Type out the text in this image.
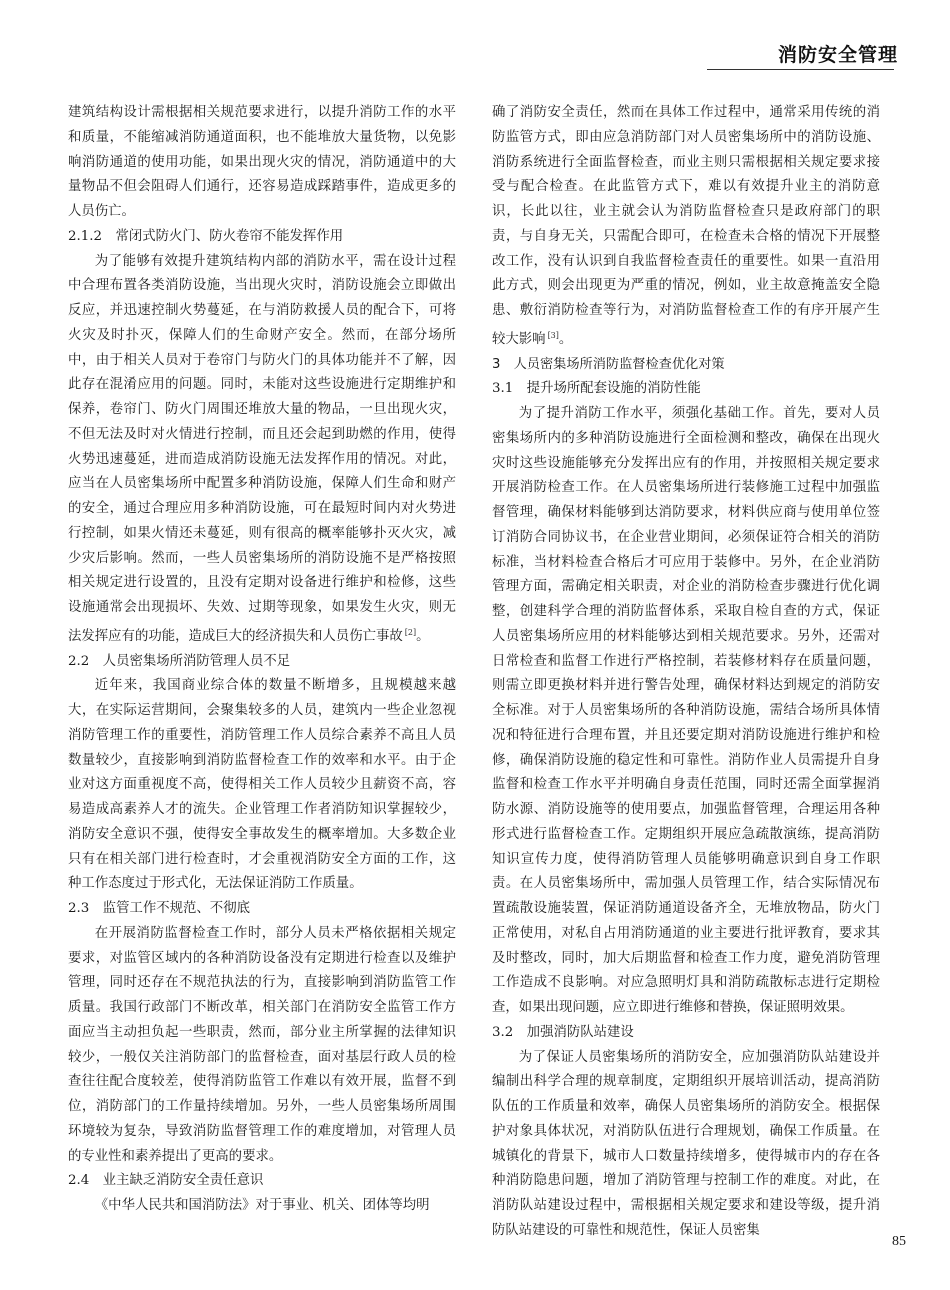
消防安全管理

建筑结构设计需根据相关规范要求进行，以提升消防工作的水平和质量，不能缩减消防通道面积，也不能堆放大量货物，以免影响消防通道的使用功能，如果出现火灾的情况，消防通道中的大量物品不但会阻碍人们通行，还容易造成踩踏事件，造成更多的人员伤亡。

2.1.2　常闭式防火门、防火卷帘不能发挥作用

为了能够有效提升建筑结构内部的消防水平，需在设计过程中合理布置各类消防设施，当出现火灾时，消防设施会立即做出反应，并迅速控制火势蔓延，在与消防救援人员的配合下，可将火灾及时扑灭，保障人们的生命财产安全。然而，在部分场所中，由于相关人员对于卷帘门与防火门的具体功能并不了解，因此存在混淆应用的问题。同时，未能对这些设施进行定期维护和保养，卷帘门、防火门周围还堆放大量的物品，一旦出现火灾，不但无法及时对火情进行控制，而且还会起到助燃的作用，使得火势迅速蔓延，进而造成消防设施无法发挥作用的情况。对此，应当在人员密集场所中配置多种消防设施，保障人们生命和财产的安全，通过合理应用多种消防设施，可在最短时间内对火势进行控制，如果火情还未蔓延，则有很高的概率能够扑灭火灾，减少灾后影响。然而，一些人员密集场所的消防设施不是严格按照相关规定进行设置的，且没有定期对设备进行维护和检修，这些设施通常会出现损坏、失效、过期等现象，如果发生火灾，则无法发挥应有的功能，造成巨大的经济损失和人员伤亡事故 [2]。

2.2　人员密集场所消防管理人员不足

近年来，我国商业综合体的数量不断增多，且规模越来越大，在实际运营期间，会聚集较多的人员，建筑内一些企业忽视消防管理工作的重要性，消防管理工作人员综合素养不高且人员数量较少，直接影响到消防监督检查工作的效率和水平。由于企业对这方面重视度不高，使得相关工作人员较少且薪资不高，容易造成高素养人才的流失。企业管理工作者消防知识掌握较少，消防安全意识不强，使得安全事故发生的概率增加。大多数企业只有在相关部门进行检查时，才会重视消防安全方面的工作，这种工作态度过于形式化，无法保证消防工作质量。

2.3　监管工作不规范、不彻底

在开展消防监督检查工作时，部分人员未严格依据相关规定要求，对监管区域内的各种消防设备没有定期进行检查以及维护管理，同时还存在不规范执法的行为，直接影响到消防监管工作质量。我国行政部门不断改革，相关部门在消防安全监管工作方面应当主动担负起一些职责，然而，部分业主所掌握的法律知识较少，一般仅关注消防部门的监督检查，面对基层行政人员的检查往往配合度较差，使得消防监管工作难以有效开展，监督不到位，消防部门的工作量持续增加。另外，一些人员密集场所周围环境较为复杂，导致消防监督管理工作的难度增加，对管理人员的专业性和素养提出了更高的要求。

2.4　业主缺乏消防安全责任意识

《中华人民共和国消防法》对于事业、机关、团体等均明

确了消防安全责任，然而在具体工作过程中，通常采用传统的消防监管方式，即由应急消防部门对人员密集场所中的消防设施、消防系统进行全面监督检查，而业主则只需根据相关规定要求接受与配合检查。在此监管方式下，难以有效提升业主的消防意识，长此以往，业主就会认为消防监督检查只是政府部门的职责，与自身无关，只需配合即可，在检查未合格的情况下开展整改工作，没有认识到自我监督检查责任的重要性。如果一直沿用此方式，则会出现更为严重的情况，例如，业主故意掩盖安全隐患、敷衍消防检查等行为，对消防监督检查工作的有序开展产生较大影响 [3]。

3　人员密集场所消防监督检查优化对策
3.1　提升场所配套设施的消防性能

为了提升消防工作水平，须强化基础工作。首先，要对人员密集场所内的多种消防设施进行全面检测和整改，确保在出现火灾时这些设施能够充分发挥出应有的作用，并按照相关规定要求开展消防检查工作。在人员密集场所进行装修施工过程中加强监督管理，确保材料能够到达消防要求，材料供应商与使用单位签订消防合同协议书，在企业营业期间，必须保证符合相关的消防标准，当材料检查合格后才可应用于装修中。另外，在企业消防管理方面，需确定相关职责，对企业的消防检查步骤进行优化调整，创建科学合理的消防监督体系，采取自检自查的方式，保证人员密集场所应用的材料能够达到相关规范要求。另外，还需对日常检查和监督工作进行严格控制，若装修材料存在质量问题，则需立即更换材料并进行警告处理，确保材料达到规定的消防安全标准。对于人员密集场所的各种消防设施，需结合场所具体情况和特征进行合理布置，并且还要定期对消防设施进行维护和检修，确保消防设施的稳定性和可靠性。消防作业人员需提升自身监督和检查工作水平并明确自身责任范围，同时还需全面掌握消防水源、消防设施等的使用要点，加强监督管理，合理运用各种形式进行监督检查工作。定期组织开展应急疏散演练，提高消防知识宣传力度，使得消防管理人员能够明确意识到自身工作职责。在人员密集场所中，需加强人员管理工作，结合实际情况布置疏散设施装置，保证消防通道设备齐全，无堆放物品，防火门正常使用，对私自占用消防通道的业主要进行批评教育，要求其及时整改，同时，加大后期监督和检查工作力度，避免消防管理工作造成不良影响。对应急照明灯具和消防疏散标志进行定期检查，如果出现问题，应立即进行维修和替换，保证照明效果。

3.2　加强消防队站建设

为了保证人员密集场所的消防安全，应加强消防队站建设并编制出科学合理的规章制度，定期组织开展培训活动，提高消防队伍的工作质量和效率，确保人员密集场所的消防安全。根据保护对象具体状况，对消防队伍进行合理规划，确保工作质量。在城镇化的背景下，城市人口数量持续增多，使得城市内的存在各种消防隐患问题，增加了消防管理与控制工作的难度。对此，在消防队站建设过程中，需根据相关规定要求和建设等级，提升消防队站建设的可靠性和规范性，保证人员密集

85
